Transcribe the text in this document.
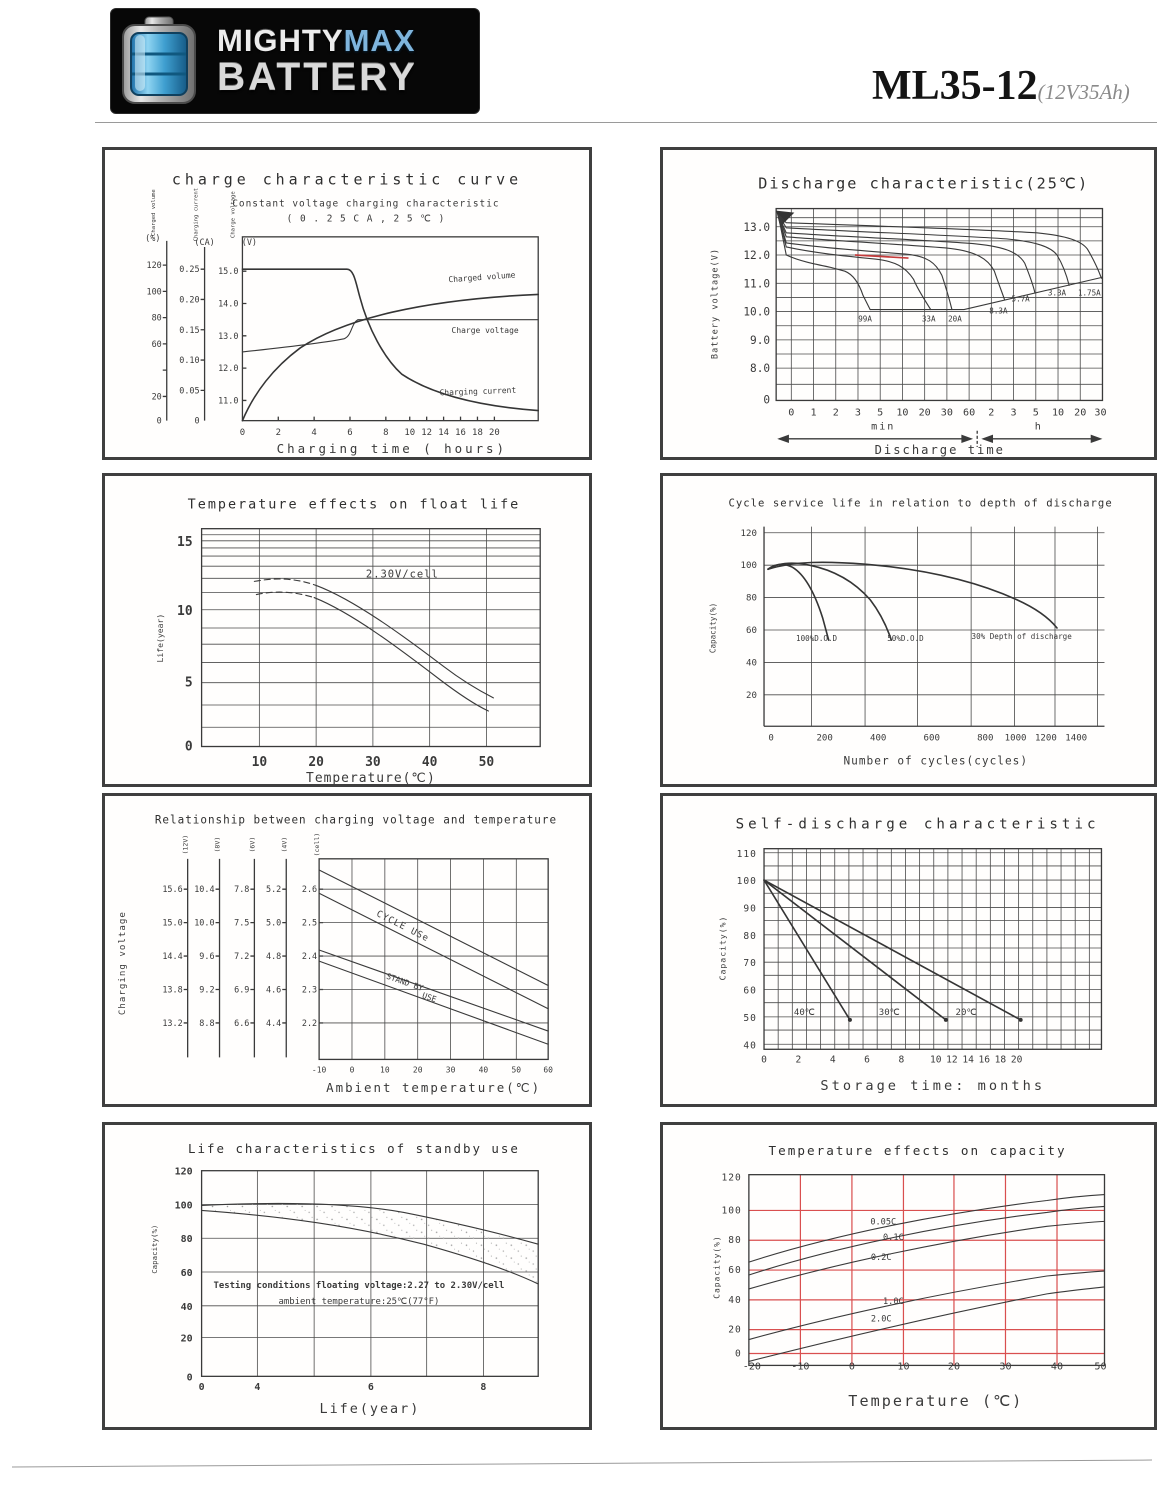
MIGHTYMAX
BATTERY	ML35-12(12V35Ah)
charge characteristic curve
Constant voltage charging characteristic
( 0 . 2 5 C A , 2 5 ℃ )
Charged volume	Charging current	Charge voltage
(%)	(CA)	(V)
120
100
80
60
20
0
0.25
0.20
0.15
0.10
0.05
0
15.0
14.0
13.0
12.0
11.0
0	2	4	6	8 10 12 14 16 18 20
Charged volume
Charge voltage
Charging current
Charging time ( hours)
Discharge characteristic(25℃)
13.0
12.0
11.0
10.0
9.0
8.0
0
Battery voltage(V)	99A	33A 20A
8.3A
5.7A
3.3A 1.75A
0 1 2 3 5 10 20 30 60 2 3 5 10 20 30
min	h
Discharge time
Temperature effects on float life
15
10
5
0
Life(year)
2.30V/cell
10	20	30	40	50
Temperature(℃)
Cycle service life in relation to depth of discharge
120
100
80
60
40
20
Capacity(%)	100%D.O.D	50%D.O.D	30% Depth of discharge
0	200	400	600	800 1000 1200 1400
Number of cycles(cycles)
Relationship between charging voltage and temperature
Charging voltage
(12V)	(8V)	(6V)	(4V)	(cell)
15.6
15.0
14.4
13.8
13.2
10.4
10.0
9.6
9.2
8.8
7.8
7.5
7.2
6.9
6.6
5.2
5.0
4.8
4.6
4.4
2.6
2.5
2.4
2.3
2.2
CYCLE USe
STAND BY
USE
-10	0	10	20	30	40	50	60
Ambient temperature(℃)
Self-discharge characteristic
110
100
90
80
70
60
50
40
Capacity(%)
40℃	30℃	20℃
0	2	4	6	8	10 12 14 16 18 20
Storage time: months
Life characteristics of standby use
120
100
80
60
40
20
0
Capacity(%)
Testing conditions floating voltage:2.27 to 2.30V/cell
ambient temperature:25℃(77°F)
0	4	6	8
Life(year)
Temperature effects on capacity
120
100
80
60
40
20
0
Capacity(%)
0.05C
0.1C
0.2C
1.0C
2.0C
-20	-10	0	10	20	30	40	50
Temperature (℃)
